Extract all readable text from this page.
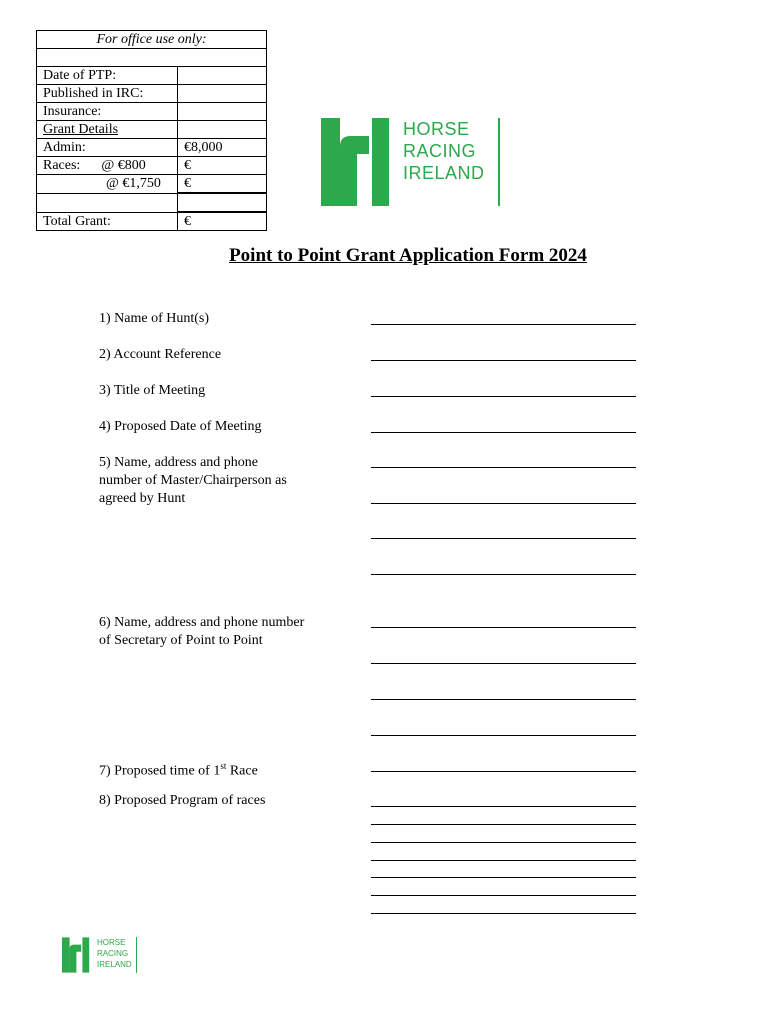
For office use only:	

Date of PTP:	
Published in IRC:	
Insurance:	
Grant Details	
Admin:	€8,000
Races: @ €800	€
@ €1,750	€

Total Grant:	€
HORSE
RACING
IRELAND
Point to Point Grant Application Form 2024
1) Name of Hunt(s)
2) Account Reference
3) Title of Meeting
4) Proposed Date of Meeting
5) Name, address and phone
number of Master/Chairperson as
agreed by Hunt
6) Name, address and phone number
of Secretary of Point to Point
7) Proposed time of 1st Race
8) Proposed Program of races
HORSE
RACING
IRELAND
